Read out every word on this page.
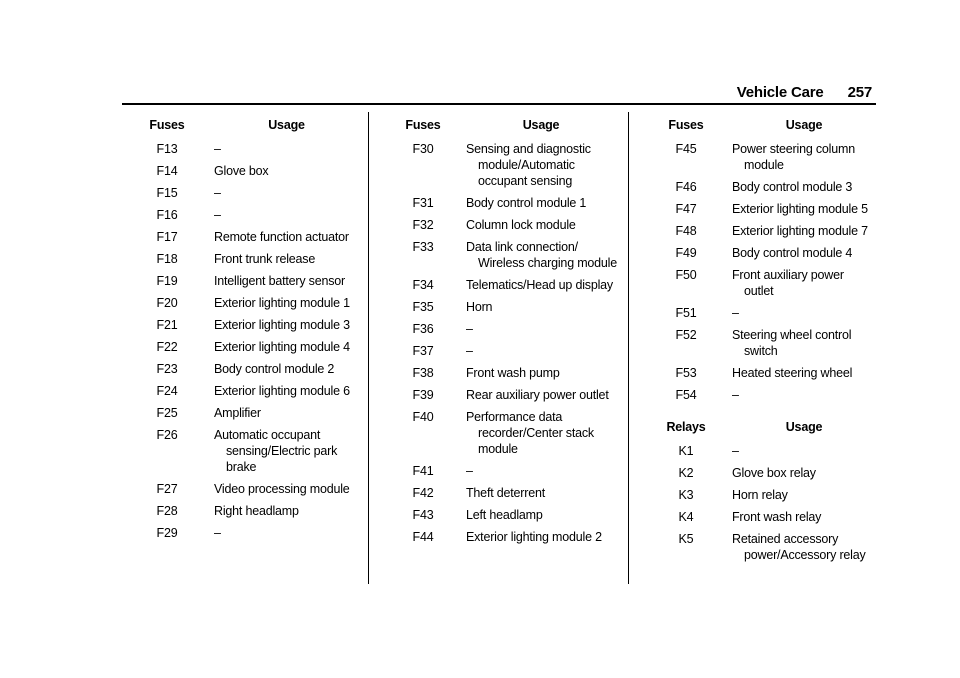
Vehicle Care 257
Fuses	Usage
F13	–
F14	Glove box
F15	–
F16	–
F17	Remote function actuator
F18	Front trunk release
F19	Intelligent battery sensor
F20	Exterior lighting module 1
F21	Exterior lighting module 3
F22	Exterior lighting module 4
F23	Body control module 2
F24	Exterior lighting module 6
F25	Amplifier
F26	Automatic occupant sensing/Electric park brake
F27	Video processing module
F28	Right headlamp
F29	–
Fuses	Usage
F30	Sensing and diagnostic module/Automatic occupant sensing
F31	Body control module 1
F32	Column lock module
F33	Data link connection/ Wireless charging module
F34	Telematics/Head up display
F35	Horn
F36	–
F37	–
F38	Front wash pump
F39	Rear auxiliary power outlet
F40	Performance data recorder/Center stack module
F41	–
F42	Theft deterrent
F43	Left headlamp
F44	Exterior lighting module 2
Fuses	Usage
F45	Power steering column module
F46	Body control module 3
F47	Exterior lighting module 5
F48	Exterior lighting module 7
F49	Body control module 4
F50	Front auxiliary power outlet
F51	–
F52	Steering wheel control switch
F53	Heated steering wheel
F54	–
Relays	Usage
K1	–
K2	Glove box relay
K3	Horn relay
K4	Front wash relay
K5	Retained accessory power/Accessory relay
